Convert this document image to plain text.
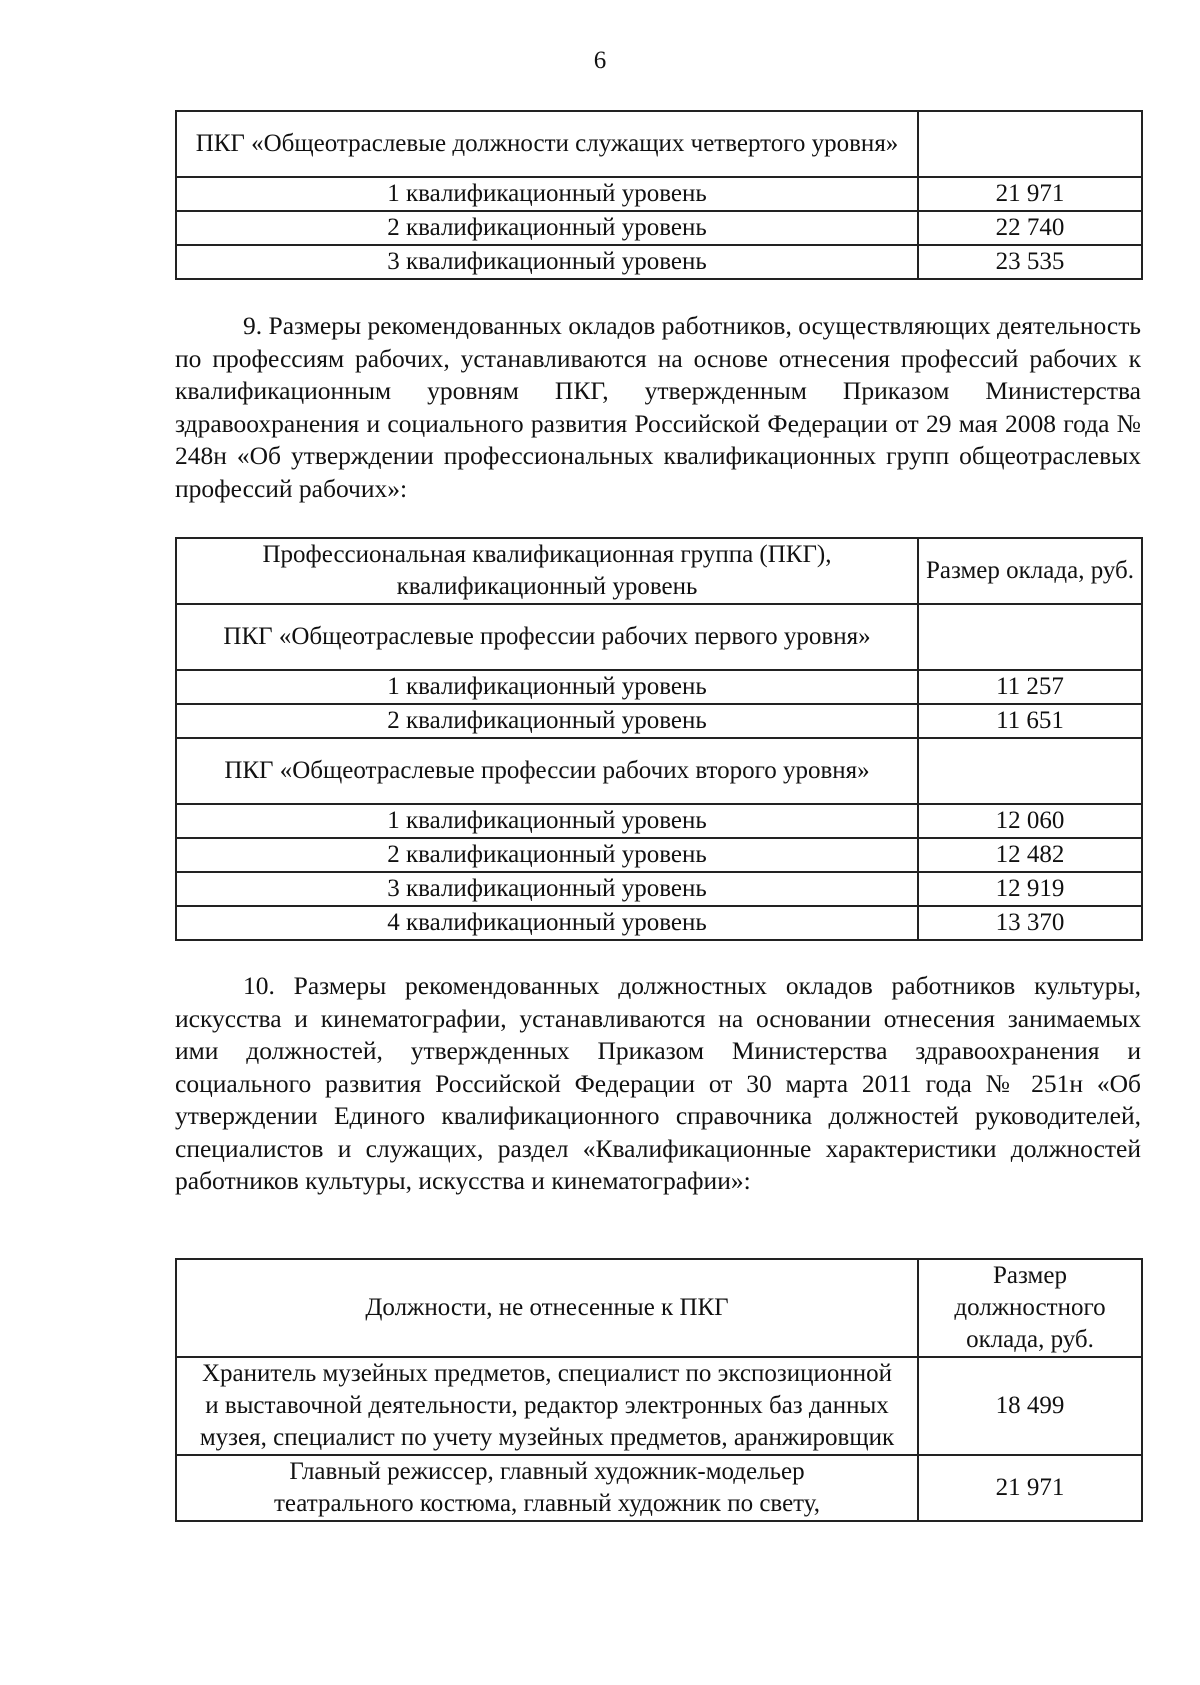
6
ПКГ «Общеотраслевые должности служащих четвертого уровня»	
1 квалификационный уровень	21 971
2 квалификационный уровень	22 740
3 квалификационный уровень	23 535

9. Размеры рекомендованных окладов работников, осуществляющих деятельность по профессиям рабочих, устанавливаются на основе отнесения профессий рабочих к квалификационным уровням ПКГ, утвержденным Приказом Министерства здравоохранения и социального развития Российской Федерации от 29 мая 2008 года № 248н «Об утверждении профессиональных квалификационных групп общеотраслевых профессий рабочих»:

Профессиональная квалификационная группа (ПКГ), квалификационный уровень	Размер оклада, руб.
ПКГ «Общеотраслевые профессии рабочих первого уровня»	
1 квалификационный уровень	11 257
2 квалификационный уровень	11 651
ПКГ «Общеотраслевые профессии рабочих второго уровня»	
1 квалификационный уровень	12 060
2 квалификационный уровень	12 482
3 квалификационный уровень	12 919
4 квалификационный уровень	13 370

10. Размеры рекомендованных должностных окладов работников культуры, искусства и кинематографии, устанавливаются на основании отнесения занимаемых ими должностей, утвержденных Приказом Министерства здравоохранения и социального развития Российской Федерации от 30 марта 2011 года № 251н «Об утверждении Единого квалификационного справочника должностей руководителей, специалистов и служащих, раздел «Квалификационные характеристики должностей работников культуры, искусства и кинематографии»:

Должности, не отнесенные к ПКГ	Размер должностного оклада, руб.
Хранитель музейных предметов, специалист по экспозиционной и выставочной деятельности, редактор электронных баз данных музея, специалист по учету музейных предметов, аранжировщик	18 499
Главный режиссер, главный художник-модельер театрального костюма, главный художник по свету,	21 971
